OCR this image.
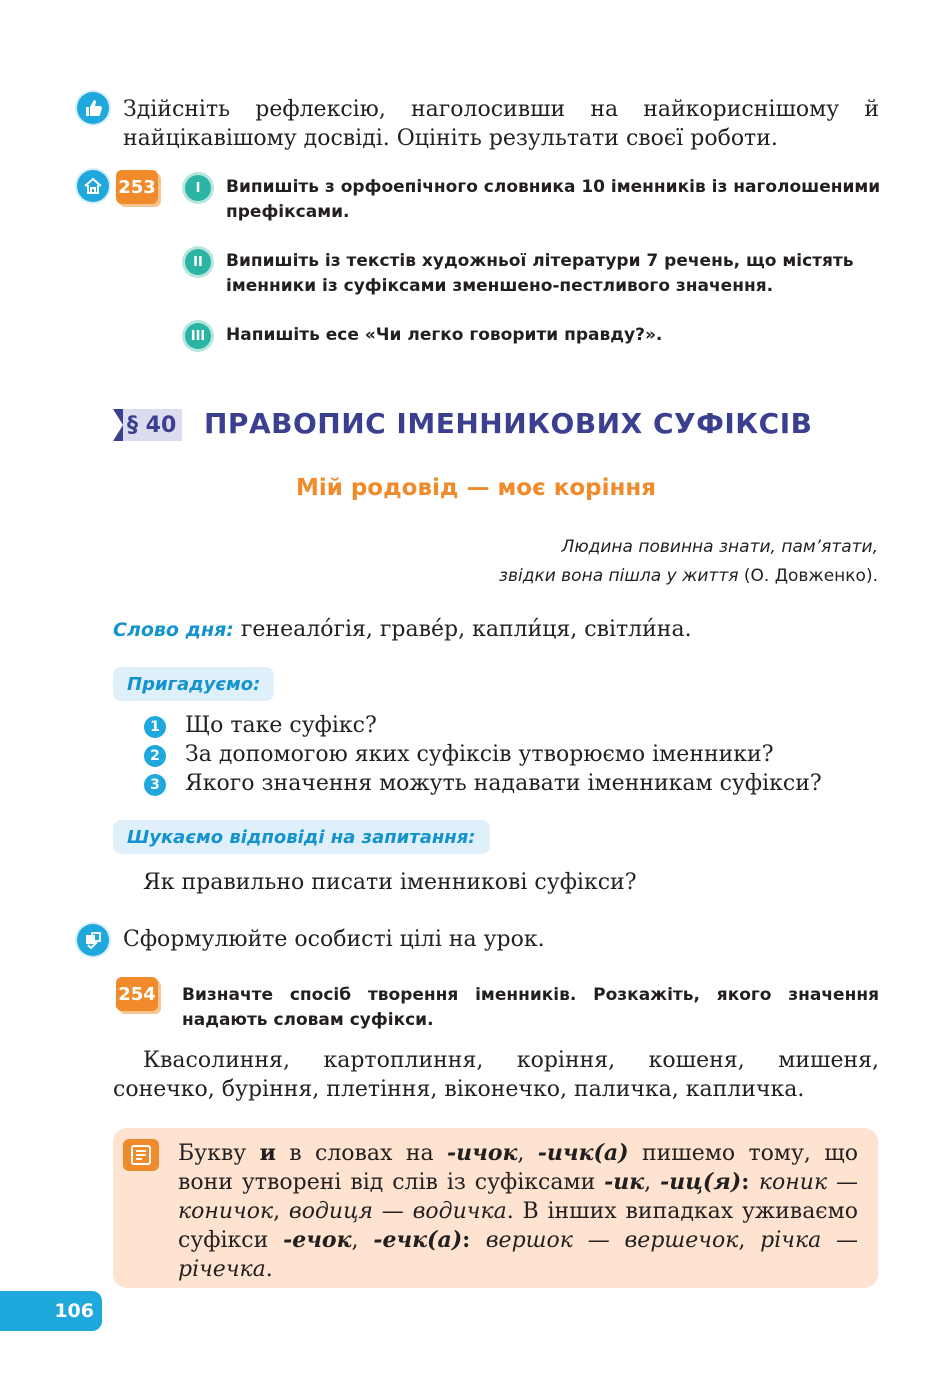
Здійсніть рефлексію, наголосивши на найкориснішому й найцікавішому досвіді. Оцініть результати своєї роботи.
253	I	Випишіть з орфоепічного словника 10 іменників із наголошеними префіксами.
II	Випишіть із текстів художньої літератури 7 речень, що містять іменники із суфіксами зменшено-пестливого значення.
III	Напишіть есе «Чи легко говорити правду?».
§ 40 ПРАВОПИС ІМЕННИКОВИХ СУФІКСІВ
Мій родовід — моє коріння
Людина повинна знати, пам’ятати,
звідки вона пішла у життя (О. Довженко).
Слово дня: генеало́гія, граве́р, капли́ця, світли́на.
Пригадуємо:
1 Що таке суфікс?
2 За допомогою яких суфіксів утворюємо іменники?
3 Якого значення можуть надавати іменникам суфікси?
Шукаємо відповіді на запитання:
Як правильно писати іменникові суфікси?
Сформулюйте особисті цілі на урок.
254 Визначте спосіб творення іменників. Розкажіть, якого значення надають словам суфікси.
Квасолиння, картоплиння, коріння, кошеня, мишеня, сонечко, буріння, плетіння, віконечко, паличка, капличка.
Букву и в словах на -ичок, -ичк(а) пишемо тому, що вони утворені від слів із суфіксами -ик, -иц(я): коник — коничок, водиця — водичка. В інших випадках уживаємо суфікси -ечок, -ечк(а): вершок — вершечок, річка — річечка.
106
